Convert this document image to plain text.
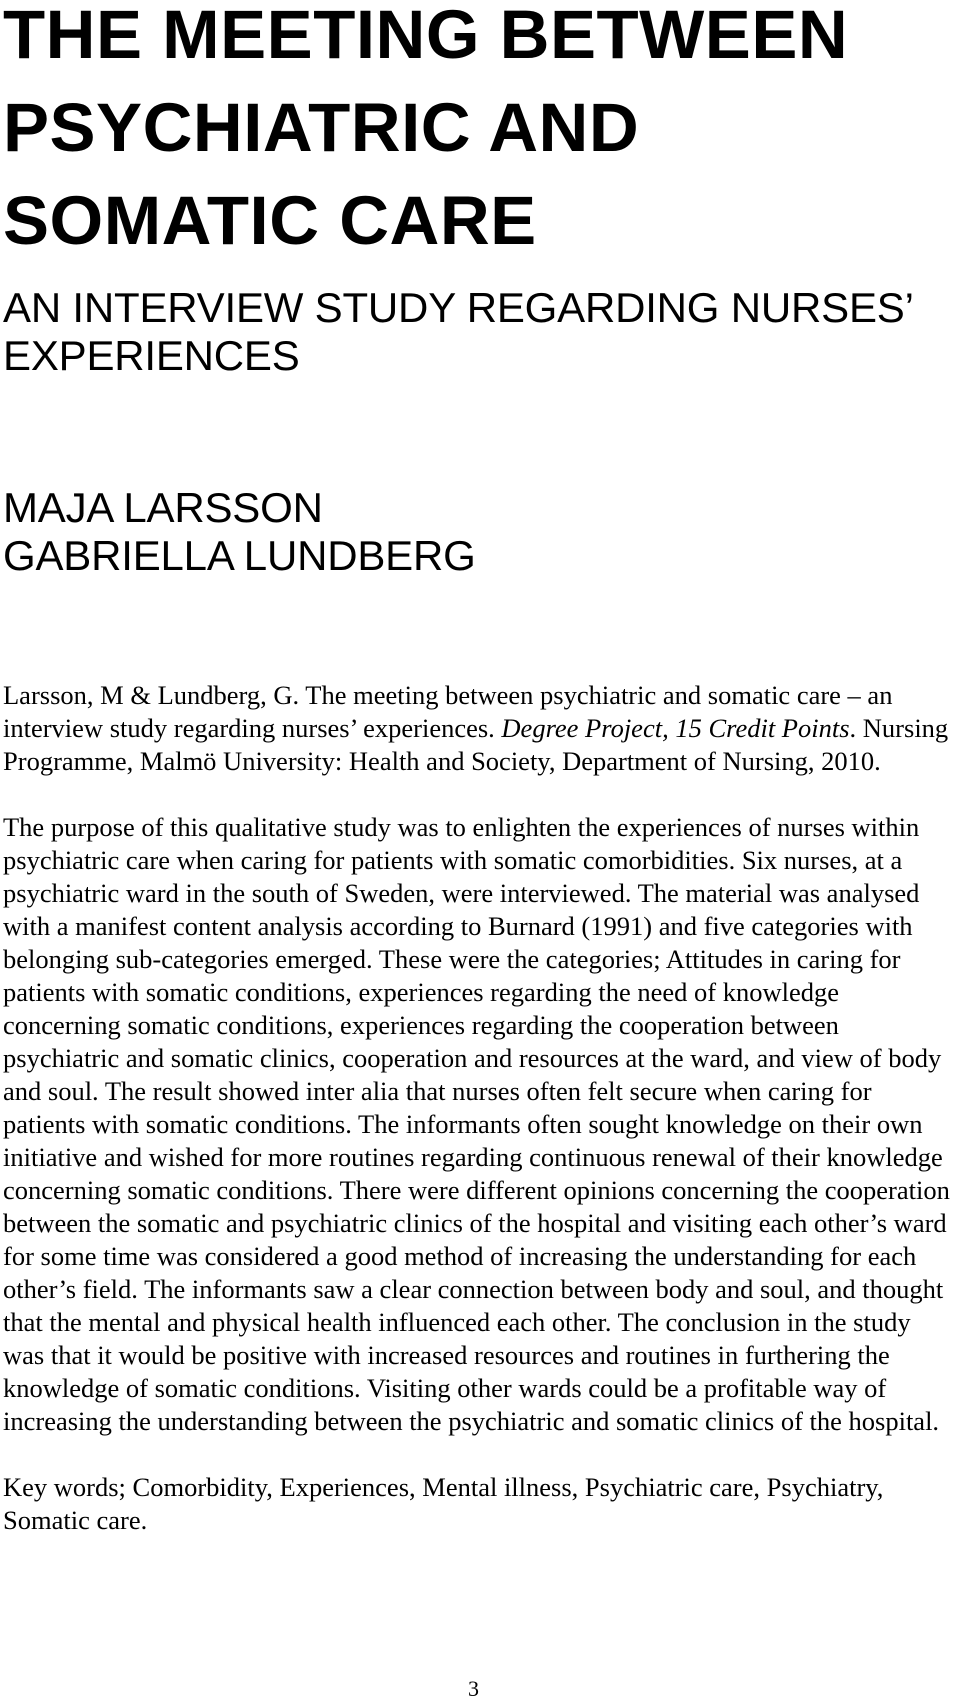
THE MEETING BETWEEN
PSYCHIATRIC AND
SOMATIC CARE
AN INTERVIEW STUDY REGARDING NURSES’
EXPERIENCES
MAJA LARSSON
GABRIELLA LUNDBERG

Larsson, M & Lundberg, G. The meeting between psychiatric and somatic care – an interview study regarding nurses’ experiences. Degree Project, 15 Credit Points. Nursing Programme, Malmö University: Health and Society, Department of Nursing, 2010.

The purpose of this qualitative study was to enlighten the experiences of nurses within psychiatric care when caring for patients with somatic comorbidities. Six nurses, at a psychiatric ward in the south of Sweden, were interviewed. The material was analysed with a manifest content analysis according to Burnard (1991) and five categories with belonging sub-categories emerged. These were the categories; Attitudes in caring for patients with somatic conditions, experiences regarding the need of knowledge concerning somatic conditions, experiences regarding the cooperation between psychiatric and somatic clinics, cooperation and resources at the ward, and view of body and soul. The result showed inter alia that nurses often felt secure when caring for patients with somatic conditions. The informants often sought knowledge on their own initiative and wished for more routines regarding continuous renewal of their knowledge concerning somatic conditions. There were different opinions concerning the cooperation between the somatic and psychiatric clinics of the hospital and visiting each other’s ward for some time was considered a good method of increasing the understanding for each other’s field. The informants saw a clear connection between body and soul, and thought that the mental and physical health influenced each other. The conclusion in the study was that it would be positive with increased resources and routines in furthering the knowledge of somatic conditions. Visiting other wards could be a profitable way of increasing the understanding between the psychiatric and somatic clinics of the hospital.

Key words; Comorbidity, Experiences, Mental illness, Psychiatric care, Psychiatry, Somatic care.

3
